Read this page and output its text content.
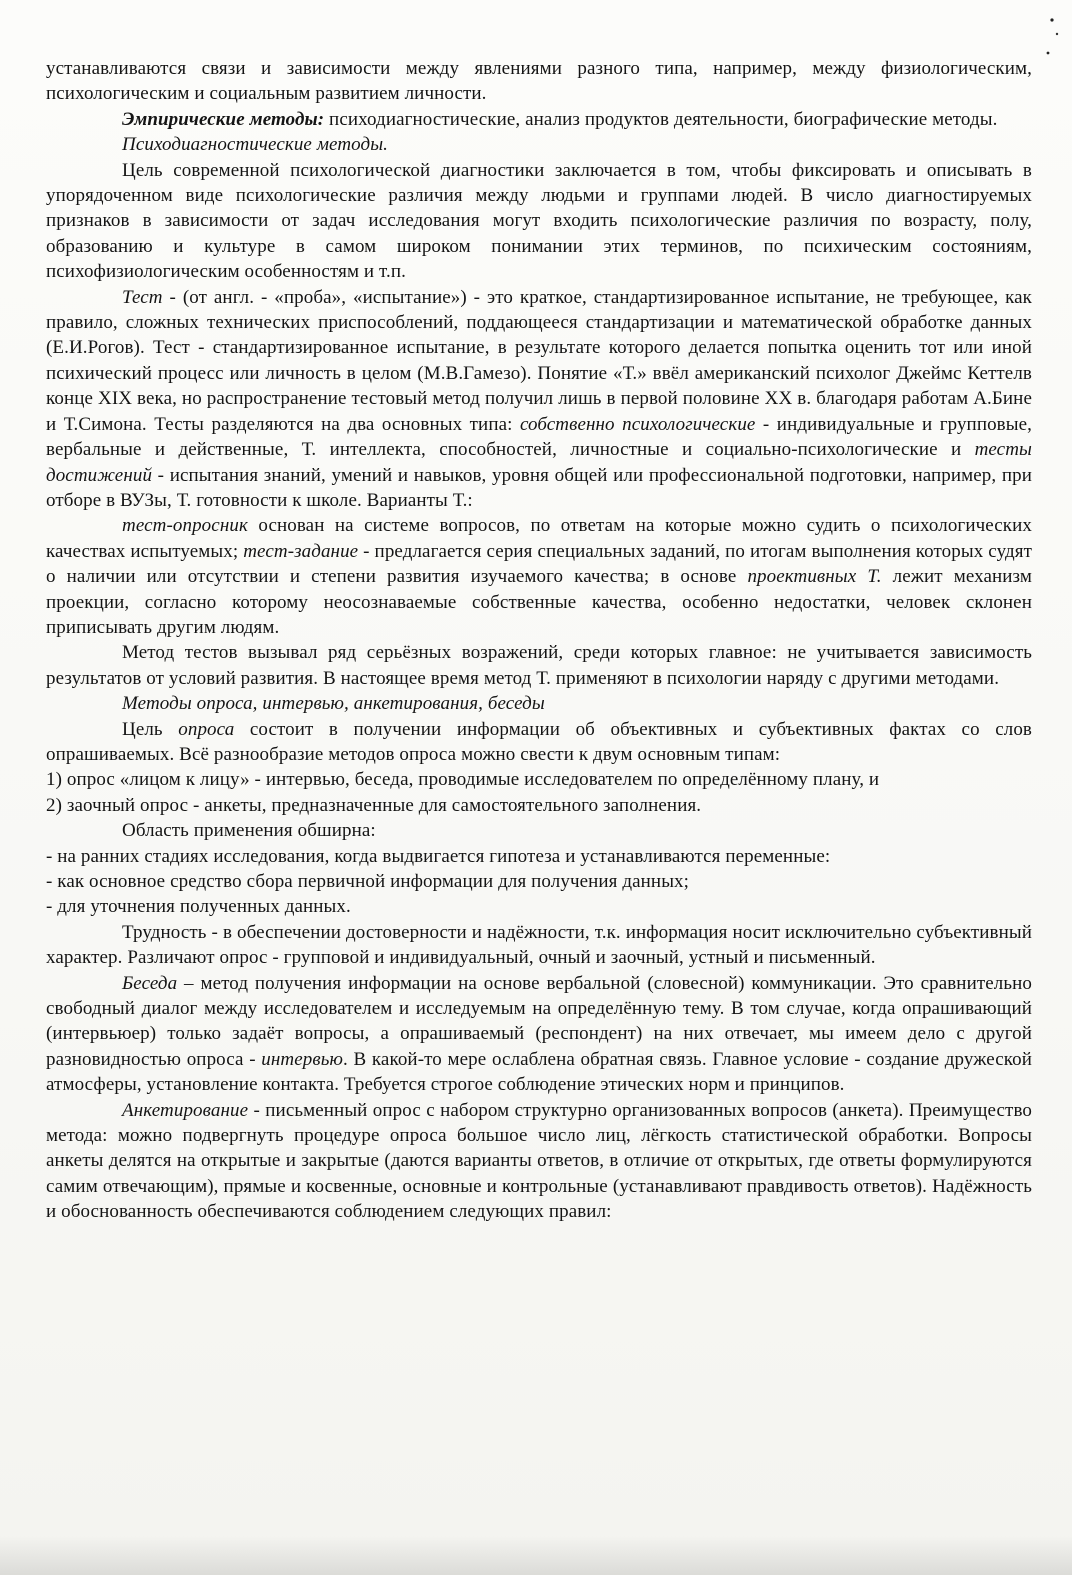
устанавливаются связи и зависимости между явлениями разного типа, например, между физиологическим, психологическим и социальным развитием личности.

Эмпирические методы: психодиагностические, анализ продуктов деятельности, биографические методы.

Психодиагностические методы.

Цель современной психологической диагностики заключается в том, чтобы фиксировать и описывать в упорядоченном виде психологические различия между людьми и группами людей. В число диагностируемых признаков в зависимости от задач исследования могут входить психологические различия по возрасту, полу, образованию и культуре в самом широком понимании этих терминов, по психическим состояниям, психофизиологическим особенностям и т.п.

Тест - (от англ. - «проба», «испытание») - это краткое, стандартизированное испытание, не требующее, как правило, сложных технических приспособлений, поддающееся стандартизации и математической обработке данных (Е.И.Рогов). Тест - стандартизированное испытание, в результате которого делается попытка оценить тот или иной психический процесс или личность в целом (М.В.Гамезо). Понятие «Т.» ввёл американский психолог Джеймс Кеттелв конце XIX века, но распространение тестовый метод получил лишь в первой половине XX в. благодаря работам А.Бине и Т.Симона. Тесты разделяются на два основных типа: собственно психологические - индивидуальные и групповые, вербальные и действенные, Т. интеллекта, способностей, личностные и социально-психологические и тесты достижений - испытания знаний, умений и навыков, уровня общей или профессиональной подготовки, например, при отборе в ВУЗы, Т. готовности к школе. Варианты Т.:

тест-опросник основан на системе вопросов, по ответам на которые можно судить о психологических качествах испытуемых; тест-задание - предлагается серия специальных заданий, по итогам выполнения которых судят о наличии или отсутствии и степени развития изучаемого качества; в основе проективных Т. лежит механизм проекции, согласно которому неосознаваемые собственные качества, особенно недостатки, человек склонен приписывать другим людям.

Метод тестов вызывал ряд серьёзных возражений, среди которых главное: не учитывается зависимость результатов от условий развития. В настоящее время метод Т. применяют в психологии наряду с другими методами.

Методы опроса, интервью, анкетирования, беседы

Цель опроса состоит в получении информации об объективных и субъективных фактах со слов опрашиваемых. Всё разнообразие методов опроса можно свести к двум основным типам:

1) опрос «лицом к лицу» - интервью, беседа, проводимые исследователем по определённому плану, и

2) заочный опрос - анкеты, предназначенные для самостоятельного заполнения.

Область применения обширна:

- на ранних стадиях исследования, когда выдвигается гипотеза и устанавливаются переменные:

- как основное средство сбора первичной информации для получения данных;

- для уточнения полученных данных.

Трудность - в обеспечении достоверности и надёжности, т.к. информация носит исключительно субъективный характер. Различают опрос - групповой и индивидуальный, очный и заочный, устный и письменный.

Беседа – метод получения информации на основе вербальной (словесной) коммуникации. Это сравнительно свободный диалог между исследователем и исследуемым на определённую тему. В том случае, когда опрашивающий (интервьюер) только задаёт вопросы, а опрашиваемый (респондент) на них отвечает, мы имеем дело с другой разновидностью опроса - интервью. В какой-то мере ослаблена обратная связь. Главное условие - создание дружеской атмосферы, установление контакта. Требуется строгое соблюдение этических норм и принципов.

Анкетирование - письменный опрос с набором структурно организованных вопросов (анкета). Преимущество метода: можно подвергнуть процедуре опроса большое число лиц, лёгкость статистической обработки. Вопросы анкеты делятся на открытые и закрытые (даются варианты ответов, в отличие от открытых, где ответы формулируются самим отвечающим), прямые и косвенные, основные и контрольные (устанавливают правдивость ответов). Надёжность и обоснованность обеспечиваются соблюдением следующих правил:
